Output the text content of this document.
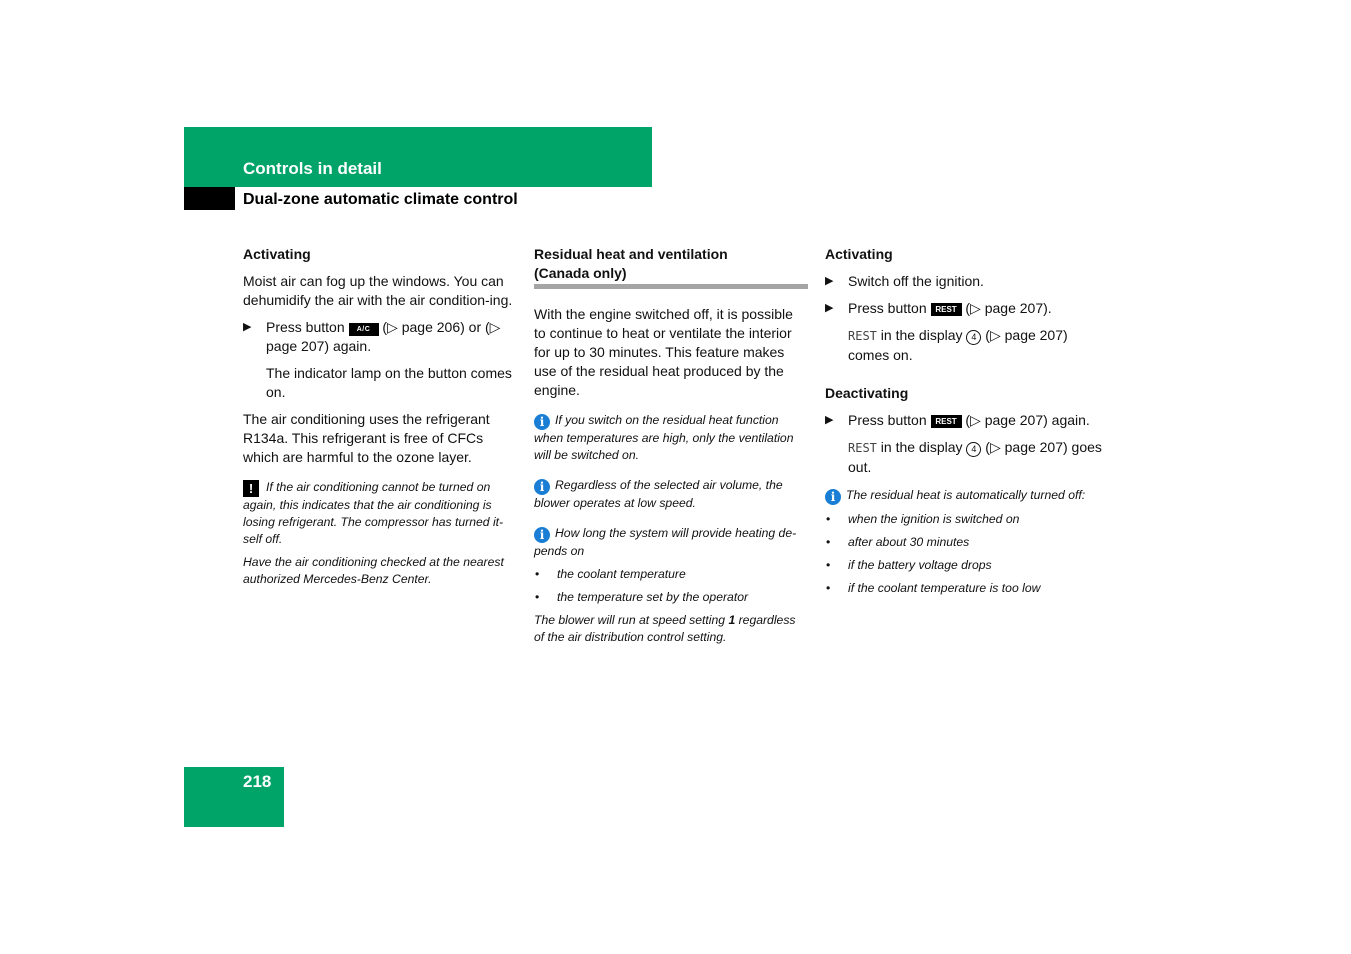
Controls in detail
Dual-zone automatic climate control
Activating

Moist air can fog up the windows. You can dehumidify the air with the air condition-ing.

▶ Press button A/C (▷ page 206) or (▷ page 207) again.

The indicator lamp on the button comes on.

The air conditioning uses the refrigerant R134a. This refrigerant is free of CFCs which are harmful to the ozone layer.

! If the air conditioning cannot be turned on again, this indicates that the air conditioning is losing refrigerant. The compressor has turned it-self off.

Have the air conditioning checked at the nearest authorized Mercedes-Benz Center.

Residual heat and ventilation
(Canada only)

With the engine switched off, it is possible to continue to heat or ventilate the interior for up to 30 minutes. This feature makes use of the residual heat produced by the engine.

i If you switch on the residual heat function when temperatures are high, only the ventilation will be switched on.

i Regardless of the selected air volume, the blower operates at low speed.

i How long the system will provide heating de-pends on

• the coolant temperature
• the temperature set by the operator

The blower will run at speed setting 1 regardless of the air distribution control setting.

Activating
▶ Switch off the ignition.
▶ Press button REST (▷ page 207).

REST in the display 4 (▷ page 207) comes on.

Deactivating
▶ Press button REST (▷ page 207) again.

REST in the display 4 (▷ page 207) goes out.

i The residual heat is automatically turned off:

• when the ignition is switched on
• after about 30 minutes
• if the battery voltage drops
• if the coolant temperature is too low
218
